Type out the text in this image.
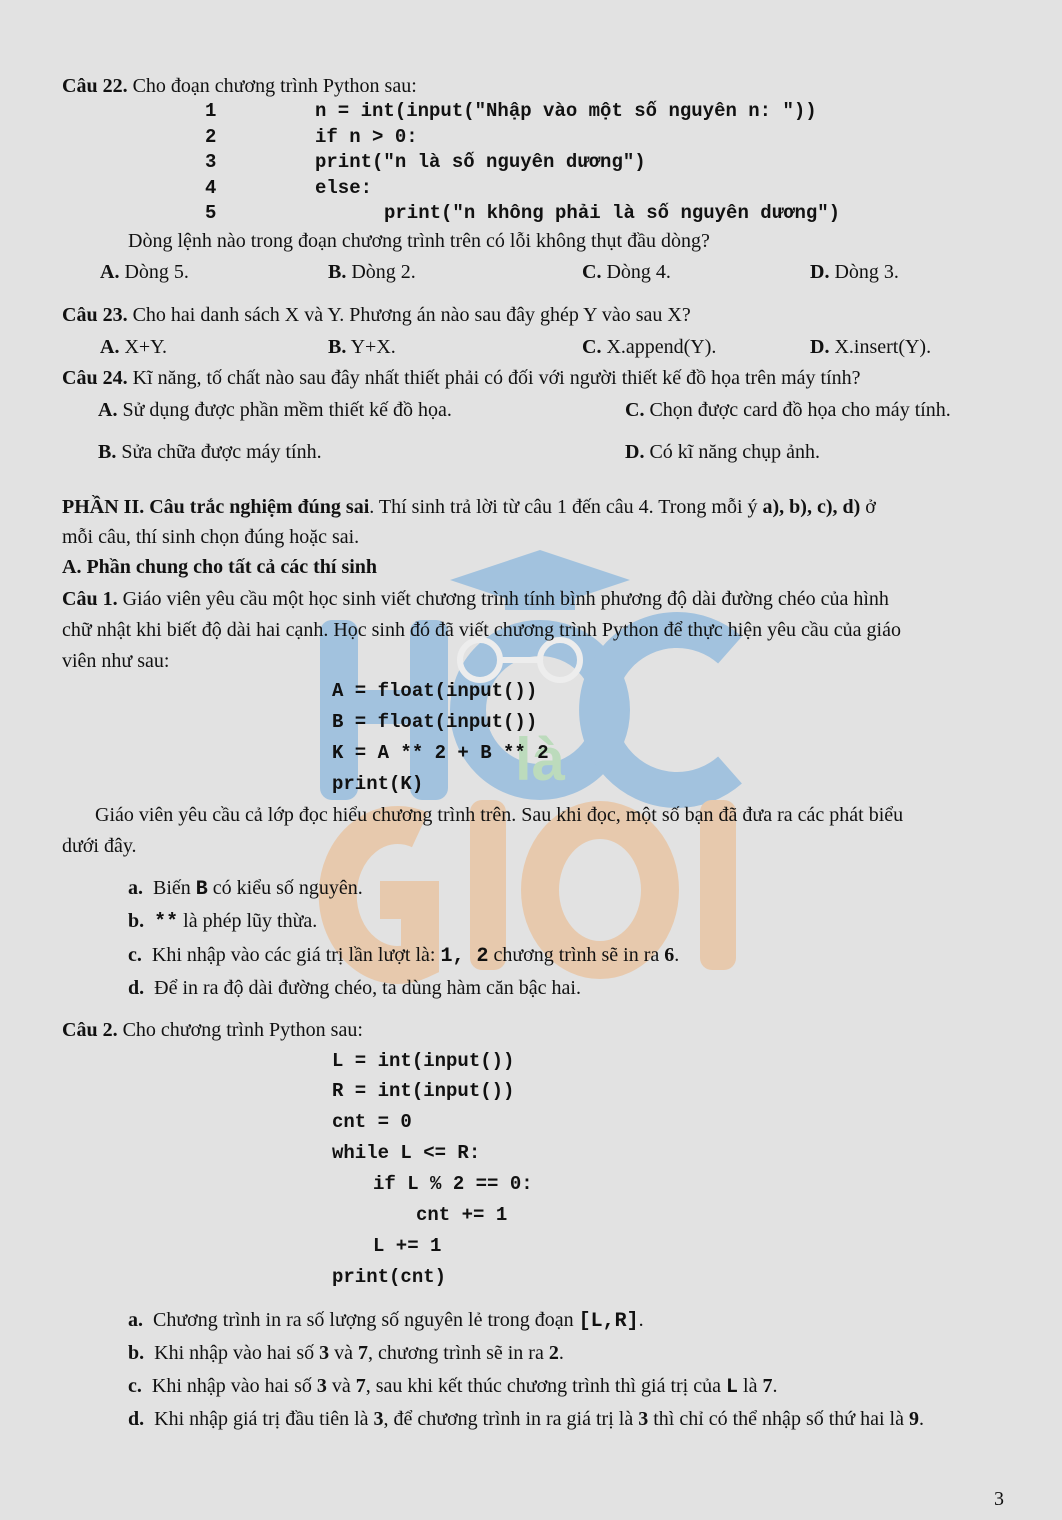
là
Câu 22. Cho đoạn chương trình Python sau:
1	n = int(input("Nhập vào một số nguyên n: "))
2	if n > 0:
3	print("n là số nguyên dương")
4	else:
5	print("n không phải là số nguyên dương")
Dòng lệnh nào trong đoạn chương trình trên có lỗi không thụt đầu dòng?
A. Dòng 5.	B. Dòng 2.	C. Dòng 4.	D. Dòng 3.
Câu 23. Cho hai danh sách X và Y. Phương án nào sau đây ghép Y vào sau X?
A. X+Y.	B. Y+X.	C. X.append(Y).	D. X.insert(Y).
Câu 24. Kĩ năng, tố chất nào sau đây nhất thiết phải có đối với người thiết kế đồ họa trên máy tính?
A. Sử dụng được phần mềm thiết kế đồ họa.	C. Chọn được card đồ họa cho máy tính.
B. Sửa chữa được máy tính.	D. Có kĩ năng chụp ảnh.
PHẦN II. Câu trắc nghiệm đúng sai. Thí sinh trả lời từ câu 1 đến câu 4. Trong mỗi ý a), b), c), d) ở
mỗi câu, thí sinh chọn đúng hoặc sai.
A. Phần chung cho tất cả các thí sinh
Câu 1. Giáo viên yêu cầu một học sinh viết chương trình tính bình phương độ dài đường chéo của hình
chữ nhật khi biết độ dài hai cạnh. Học sinh đó đã viết chương trình Python để thực hiện yêu cầu của giáo
viên như sau:
A = float(input())
B = float(input())
K = A ** 2 + B ** 2
print(K)
Giáo viên yêu cầu cả lớp đọc hiểu chương trình trên. Sau khi đọc, một số bạn đã đưa ra các phát biểu
dưới đây.
a. Biến B có kiểu số nguyên.
b. ** là phép lũy thừa.
c. Khi nhập vào các giá trị lần lượt là: 1, 2 chương trình sẽ in ra 6.
d. Để in ra độ dài đường chéo, ta dùng hàm căn bậc hai.
Câu 2. Cho chương trình Python sau:
L = int(input())
R = int(input())
cnt = 0
while L <= R:
if L % 2 == 0:
cnt += 1
L += 1
print(cnt)
a. Chương trình in ra số lượng số nguyên lẻ trong đoạn [L,R].
b. Khi nhập vào hai số 3 và 7, chương trình sẽ in ra 2.
c. Khi nhập vào hai số 3 và 7, sau khi kết thúc chương trình thì giá trị của L là 7.
d. Khi nhập giá trị đầu tiên là 3, để chương trình in ra giá trị là 3 thì chỉ có thể nhập số thứ hai là 9.
3
